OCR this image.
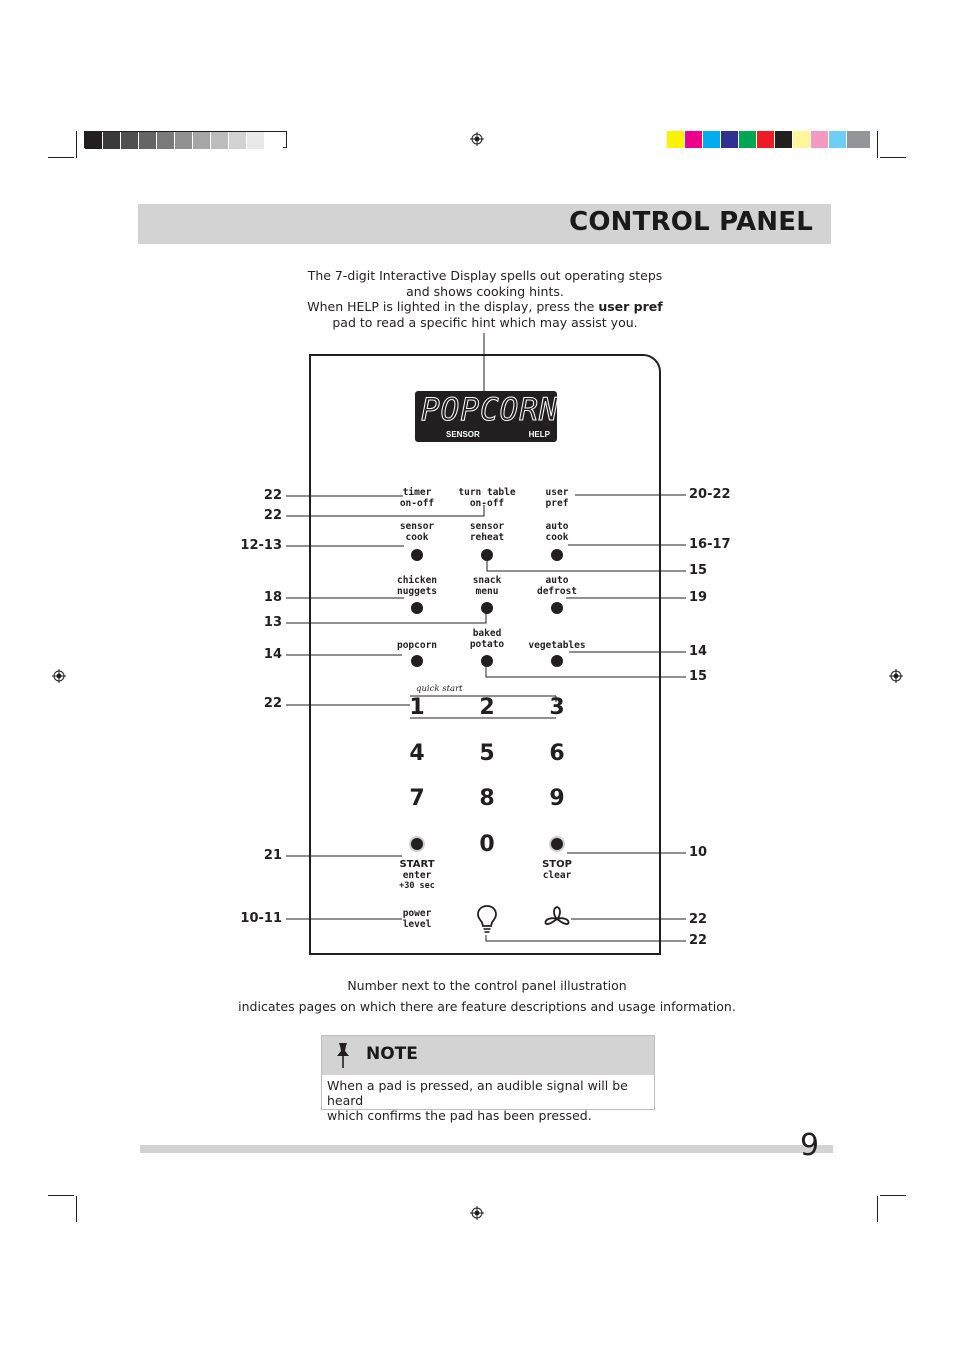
CONTROL PANEL
The 7-digit Interactive Display spells out operating steps
and shows cooking hints.
When HELP is lighted in the display, press the user pref
pad to read a specific hint which may assist you.
POPCORN
SENSOR	HELP
timer
on-off
turn table
on-off
user
pref
sensor
cook
sensor
reheat
auto
cook
chicken
nuggets
snack
menu
auto
defrost
popcorn
baked
potato	vegetables
quick start
1	2	3
4	5	6
7	8	9
0
START
enter
+30 sec
STOP
clear
power
level
22
22
12-13
18
13
14
22
21
10-11
20-22
16-17
15
19
14
15
10
22
22
Number next to the control panel illustration
indicates pages on which there are feature descriptions and usage information.
NOTE
When a pad is pressed, an audible signal will be heard
which confirms the pad has been pressed.
9
